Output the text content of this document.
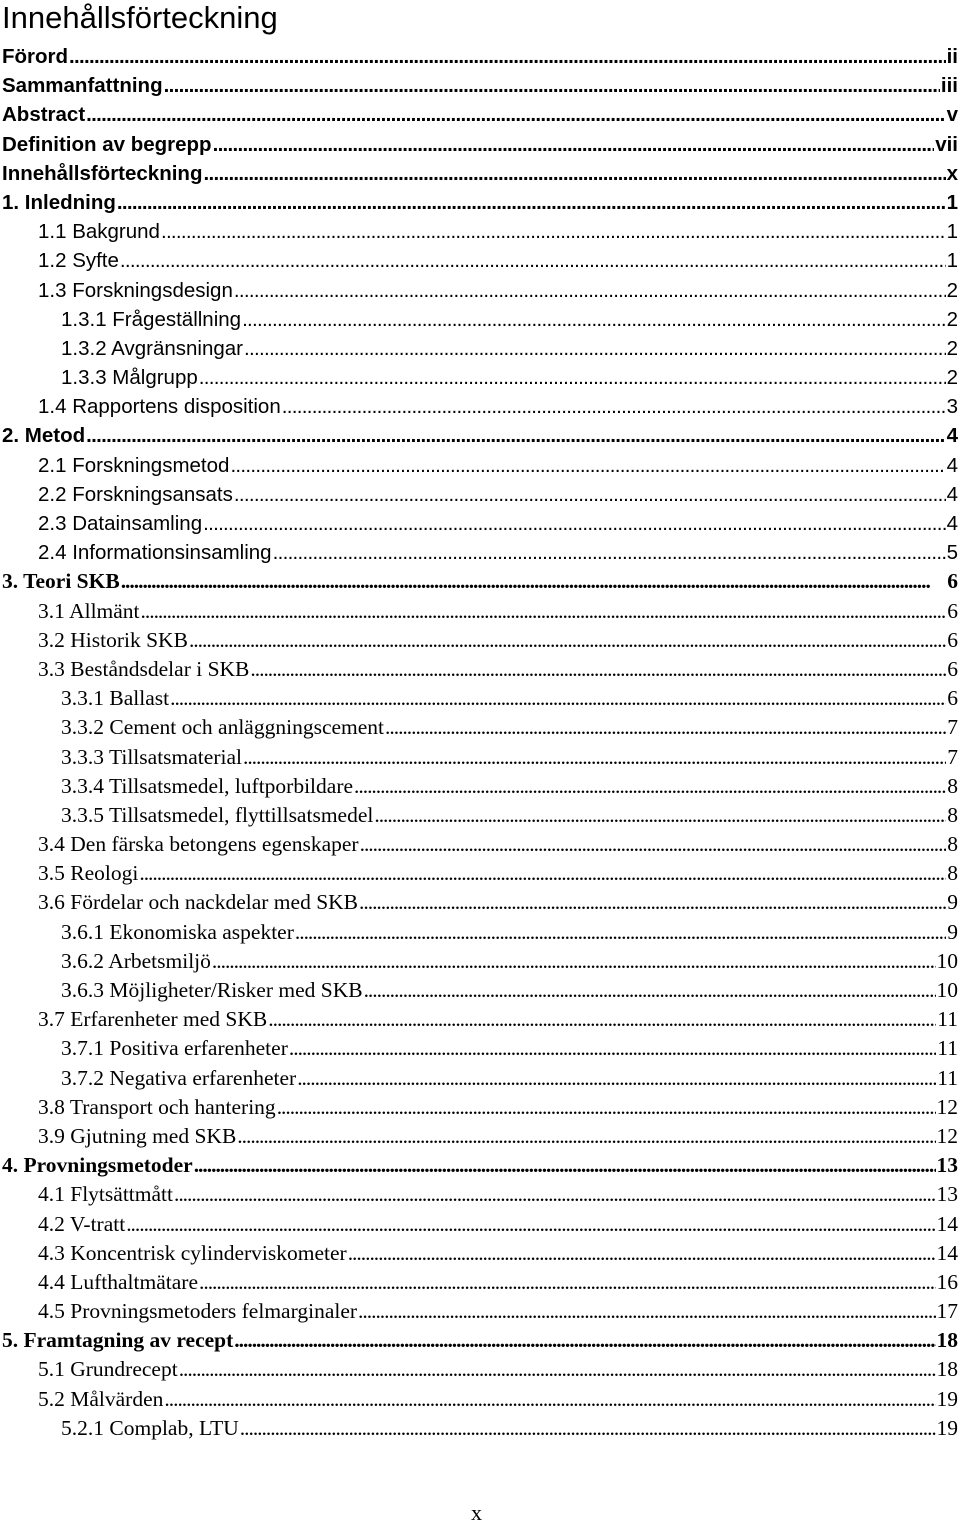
Innehållsförteckning
Förord . . .	ii
Sammanfattning . . .	iii
Abstract . . .	v
Definition av begrepp . . .	vii
Innehållsförteckning . . .	x
1. Inledning . . .	1
1.1 Bakgrund . . .	1
1.2 Syfte . . .	1
1.3 Forskningsdesign . . .	2
1.3.1 Frågeställning . . .	2
1.3.2 Avgränsningar . . .	2
1.3.3 Målgrupp . . .	2
1.4 Rapportens disposition . . .	3
2. Metod . . .	4
2.1 Forskningsmetod . . .	4
2.2 Forskningsansats . . .	4
2.3 Datainsamling . . .	4
2.4 Informationsinsamling . . .	5
3. Teori SKB . . .	6
3.1 Allmänt . . .	6
3.2 Historik SKB . . .	6
3.3 Beståndsdelar i SKB . . .	6
3.3.1 Ballast . . .	6
3.3.2 Cement och anläggningscement . . .	7
3.3.3 Tillsatsmaterial . . .	7
3.3.4 Tillsatsmedel, luftporbildare . . .	8
3.3.5 Tillsatsmedel, flyttillsatsmedel . . .	8
3.4 Den färska betongens egenskaper . . .	8
3.5 Reologi . . .	8
3.6 Fördelar och nackdelar med SKB . . .	9
3.6.1 Ekonomiska aspekter . . .	9
3.6.2 Arbetsmiljö . . .	10
3.6.3 Möjligheter/Risker med SKB . . .	10
3.7 Erfarenheter med SKB . . .	11
3.7.1 Positiva erfarenheter . . .	11
3.7.2 Negativa erfarenheter . . .	11
3.8 Transport och hantering . . .	12
3.9 Gjutning med SKB . . .	12
4. Provningsmetoder . . .	13
4.1 Flytsättmått . . .	13
4.2 V-tratt . . .	14
4.3 Koncentrisk cylinderviskometer . . .	14
4.4 Lufthaltmätare . . .	16
4.5 Provningsmetoders felmarginaler . . .	17
5. Framtagning av recept . . .	18
5.1 Grundrecept . . .	18
5.2 Målvärden . . .	19
5.2.1 Complab, LTU . . .	19
x
